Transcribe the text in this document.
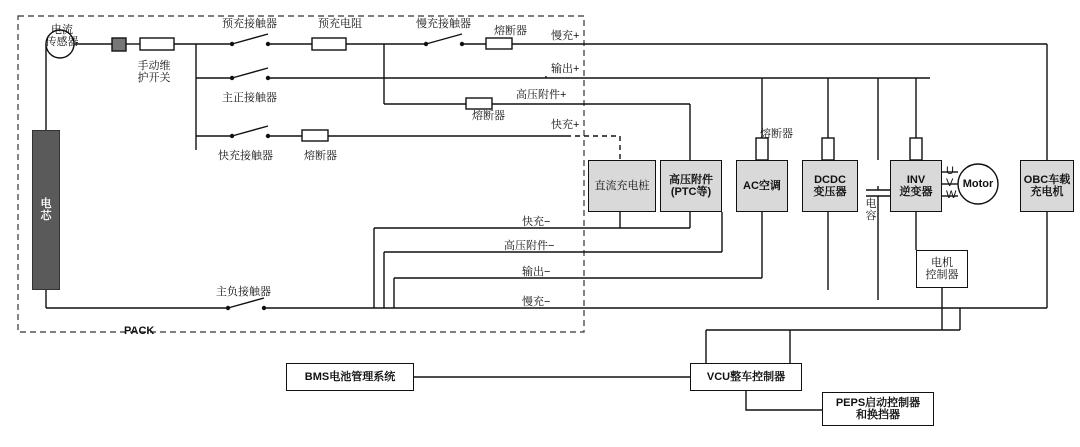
电
芯
直流充电桩 高压附件
(PTC等)	AC空调	DCDC
变压器
INV
逆变器
OBC车载
充电机
电机
控制器
BMS电池管理系统	VCU整车控制器
PEPS启动控制器
和换挡器
Motor
U
V
W
电流
传感器
手动维
护开关
预充接触器	预充电阻	慢充接触器
熔断器 慢充+
输出+
主正接触器	高压附件+
熔断器
快充+
快充接触器	熔断器
熔断器
电
容
快充−
高压附件−
输出−
主负接触器
慢充−
PACK
